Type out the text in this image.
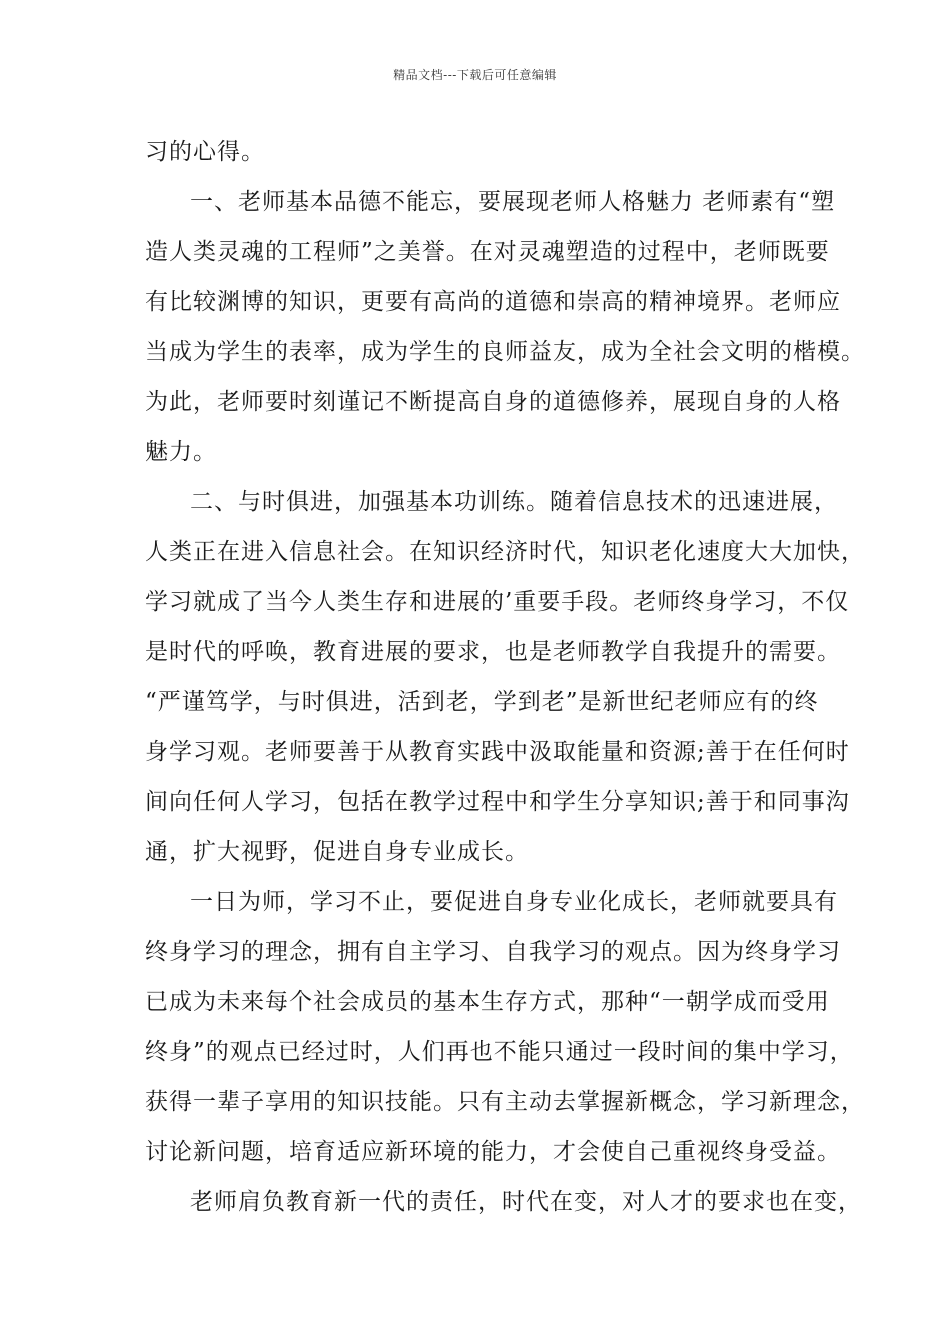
精品文档---下载后可任意编辑
习的心得。
一、老师基本品德不能忘，要展现老师人格魅力 老师素有“塑
造人类灵魂的工程师”之美誉。在对灵魂塑造的过程中，老师既要
有比较渊博的知识，更要有高尚的道德和崇高的精神境界。老师应
当成为学生的表率，成为学生的良师益友，成为全社会文明的楷模。
为此，老师要时刻谨记不断提高自身的道德修养，展现自身的人格
魅力。
二、与时俱进，加强基本功训练。随着信息技术的迅速进展，
人类正在进入信息社会。在知识经济时代，知识老化速度大大加快，
学习就成了当今人类生存和进展的’重要手段。老师终身学习，不仅
是时代的呼唤，教育进展的要求，也是老师教学自我提升的需要。
“严谨笃学，与时俱进，活到老，学到老”是新世纪老师应有的终
身学习观。老师要善于从教育实践中汲取能量和资源;善于在任何时
间向任何人学习，包括在教学过程中和学生分享知识;善于和同事沟
通，扩大视野，促进自身专业成长。
一日为师，学习不止，要促进自身专业化成长，老师就要具有
终身学习的理念，拥有自主学习、自我学习的观点。因为终身学习
已成为未来每个社会成员的基本生存方式，那种“一朝学成而受用
终身”的观点已经过时，人们再也不能只通过一段时间的集中学习，
获得一辈子享用的知识技能。只有主动去掌握新概念，学习新理念，
讨论新问题，培育适应新环境的能力，才会使自己重视终身受益。
老师肩负教育新一代的责任，时代在变，对人才的要求也在变，
